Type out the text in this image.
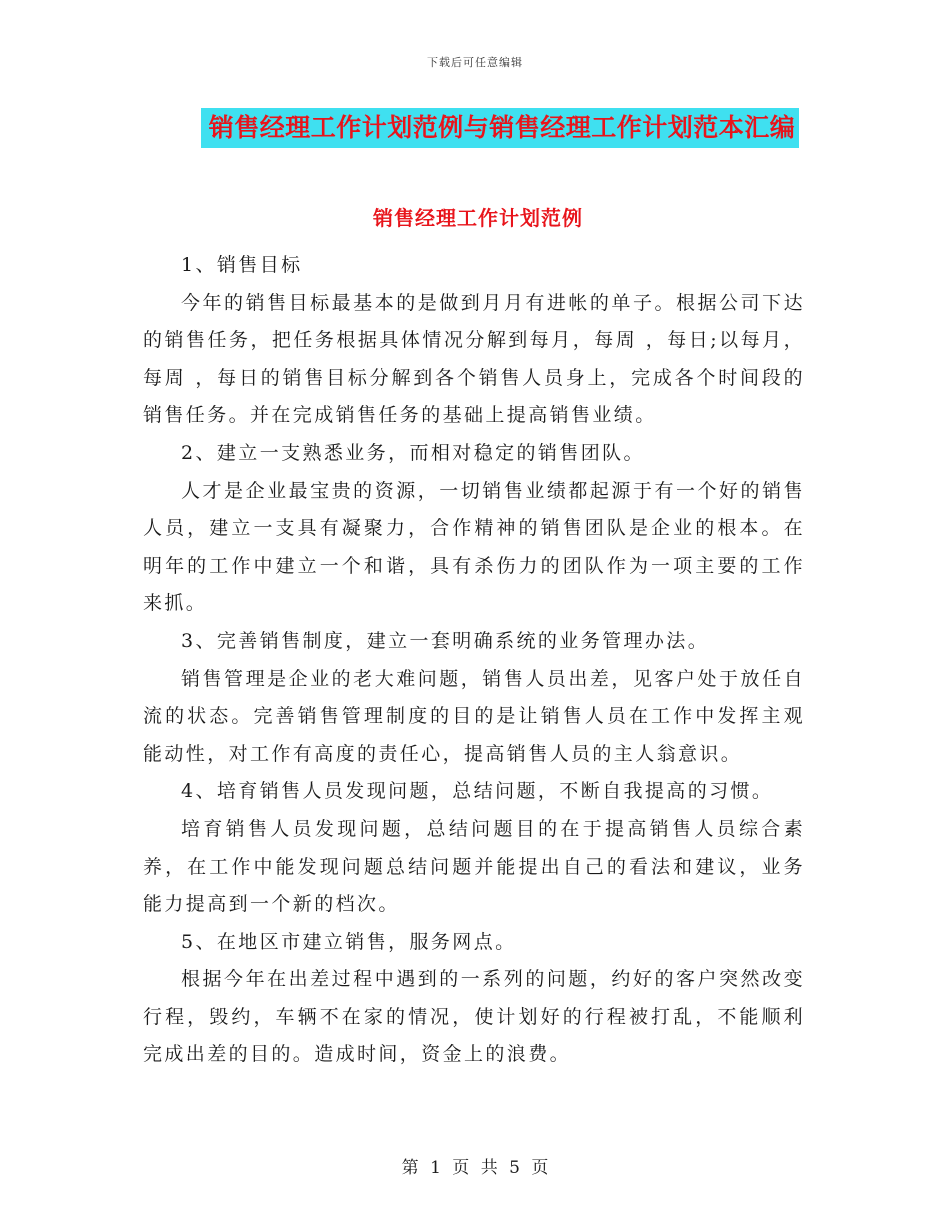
下载后可任意编辑
销售经理工作计划范例与销售经理工作计划范本汇编
销售经理工作计划范例

1、销售目标

今年的销售目标最基本的是做到月月有进帐的单子。根据公司下达的销售任务，把任务根据具体情况分解到每月，每周 ，每日;以每月，每周 ，每日的销售目标分解到各个销售人员身上，完成各个时间段的销售任务。并在完成销售任务的基础上提高销售业绩。

2、建立一支熟悉业务，而相对稳定的销售团队。

人才是企业最宝贵的资源，一切销售业绩都起源于有一个好的销售人员，建立一支具有凝聚力，合作精神的销售团队是企业的根本。在明年的工作中建立一个和谐，具有杀伤力的团队作为一项主要的工作来抓。

3、完善销售制度，建立一套明确系统的业务管理办法。

销售管理是企业的老大难问题，销售人员出差，见客户处于放任自流的状态。完善销售管理制度的目的是让销售人员在工作中发挥主观能动性，对工作有高度的责任心，提高销售人员的主人翁意识。

4、培育销售人员发现问题，总结问题，不断自我提高的习惯。

培育销售人员发现问题，总结问题目的在于提高销售人员综合素养，在工作中能发现问题总结问题并能提出自己的看法和建议，业务能力提高到一个新的档次。

5、在地区市建立销售，服务网点。

根据今年在出差过程中遇到的一系列的问题，约好的客户突然改变行程，毁约，车辆不在家的情况，使计划好的行程被打乱，不能顺利完成出差的目的。造成时间，资金上的浪费。

第 1 页 共 5 页
